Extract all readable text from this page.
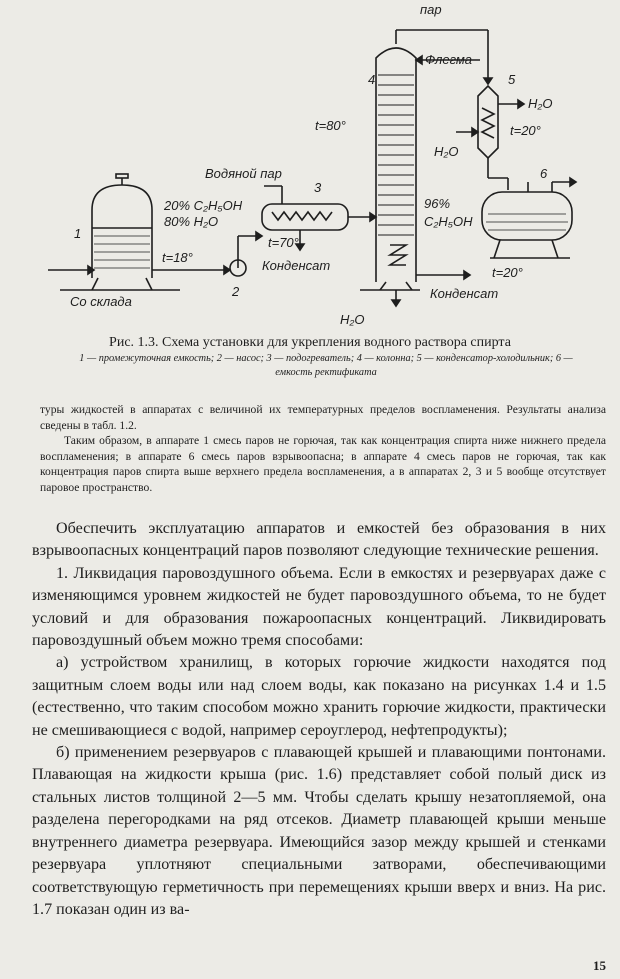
пар
Флегма
Водяной пар
t=80°	t=20°
t=18°
t=70°
t=20°
20% C₂H₅OH
80% H₂O
96%
C₂H₅OH
H₂O
H₂O
H₂O
Конденсат
Конденсат
Со склада
1
2
3
4	5
6
Рис. 1.3. Схема установки для укрепления водного раствора спирта
1 — промежуточная емкость; 2 — насос; 3 — подогреватель; 4 — колонна; 5 — конденсатор-холодильник; 6 — емкость ректификата

туры жидкостей в аппаратах с величиной их температурных пределов воспламенения. Результаты анализа сведены в табл. 1.2.

Таким образом, в аппарате 1 смесь паров не горючая, так как концентрация спирта ниже нижнего предела воспламенения; в аппарате 6 смесь паров взрывоопасна; в аппарате 4 смесь паров не горючая, так как концентрация паров спирта выше верхнего предела воспламенения, а в аппаратах 2, 3 и 5 вообще отсутствует паровое пространство.

Обеспечить эксплуатацию аппаратов и емкостей без образования в них взрывоопасных концентраций паров позволяют следующие технические решения.

1. Ликвидация паровоздушного объема. Если в емкостях и резервуарах даже с изменяющимся уровнем жидкостей не будет паровоздушного объема, то не будет условий и для образования пожароопасных концентраций. Ликвидировать паровоздушный объем можно тремя способами:

а) устройством хранилищ, в которых горючие жидкости находятся под защитным слоем воды или над слоем воды, как показано на рисунках 1.4 и 1.5 (естественно, что таким способом можно хранить горючие жидкости, практически не смешивающиеся с водой, например сероуглерод, нефтепродукты);

б) применением резервуаров с плавающей крышей и плавающими понтонами. Плавающая на жидкости крыша (рис. 1.6) представляет собой полый диск из стальных листов толщиной 2—5 мм. Чтобы сделать крышу незатопляемой, она разделена перегородками на ряд отсеков. Диаметр плавающей крыши меньше внутреннего диаметра резервуара. Имеющийся зазор между крышей и стенками резервуара уплотняют специальными затворами, обеспечивающими соответствующую герметичность при перемещениях крыши вверх и вниз. На рис. 1.7 показан один из ва-

15
